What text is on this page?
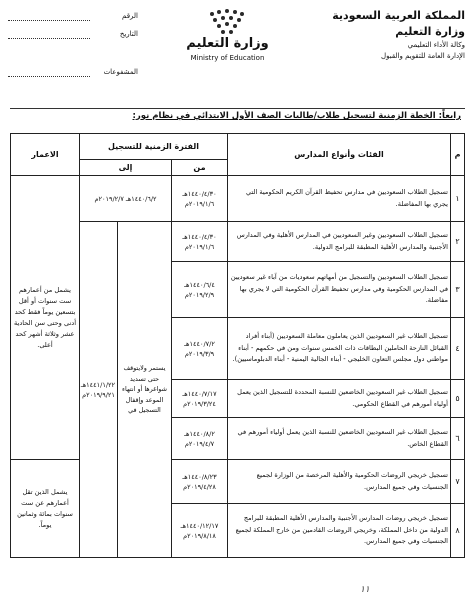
المملكة العربية السعودية
وزارة التعليم
وكالة الأداء التعليمي
الإدارة العامة للتقويم والقبول
وزارة التعليم
Ministry of Education
الرقم
التاريخ
المشفوعات
رابعاً: الخطة الزمنية لتسجيل طلاب/طالبات الصف الأول الابتدائي في نظام نور:
م	الفئات وأنواع المدارس	الفترة الزمنية للتسجيل			الاعمار
		من	إلى		
١	تسجيل الطلاب السعوديين في مدارس تحفيظ القرآن الكريم الحكومية التي يجري بها المفاضلة.	١٤٤٠/٤/٣٠هـ ٢٠١٩/١/٦م	١٤٤٠/٦/٢هـ ٢٠١٩/٢/٧م		يشمل من أعمارهم ست سنوات أو أقل بتسعين يوماً فقط كحد أدنى وحتى سن الحادية عشر وثلاثة أشهر كحد أعلى.
٢	تسجيل الطلاب السعوديين وغير السعوديين في المدارس الأهلية وفي المدارس الأجنبية والمدارس الأهلية المطبقة للبرامج الدولية.	١٤٤٠/٤/٣٠هـ ٢٠١٩/١/٦م	يستمر ولايتوقف حتى تسديد شواغرها أو انتهاء الموعد وإقفال التسجيل في	١٤٤١/١/٢٢هـ ٢٠١٩/٩/٢١م	
٣	تسجيل الطلاب السعوديين والتسجيل من أمهاتهم سعوديات من آباء غير سعوديين في المدارس الحكومية وفي مدارس تحفيظ القرآن الحكومية التي لا يجري بها مفاضلة.	١٤٤٠/٦/٤هـ ٢٠١٩/٢/٩م			
٤	تسجيل الطلاب غير السعوديين الذين يعاملون معاملة السعوديين (أبناء أفراد القبائل النازحة الحاملين البطاقات ذات الخمس سنوات ومن في حكمهم - أبناء مواطني دول مجلس التعاون الخليجي - أبناء الجالية اليمنية - أبناء الدبلوماسيين).	١٤٤٠/٧/٢هـ ٢٠١٩/٣/٩م			
٥	تسجيل الطلاب غير السعوديين الخاضعين للنسبة المحددة للتسجيل الذين يعمل أولياء أمورهم في القطاع الحكومي.	١٤٤٠/٧/١٧هـ ٢٠١٩/٣/٢٤م			
٦	تسجيل الطلاب غير السعوديين الخاضعين للنسبة الذين يعمل أولياء أمورهم في القطاع الخاص.	١٤٤٠/٨/٢هـ ٢٠١٩/٤/٧م			
٧	تسجيل خريجي الروضات الحكومية والأهلية المرخصة من الوزارة لجميع الجنسيات وفي جميع المدارس.	١٤٤٠/٨/٢٣هـ ٢٠١٩/٤/٢٨م			يشمل الذين تقل أعمارهم عن ست سنوات بمائة وثمانين يوماً.
٨	تسجيل خريجي روضات المدارس الأجنبية والمدارس الأهلية المطبقة للبرامج الدولية من داخل المملكة، وخريجي الروضات القادمين من خارج المملكة لجميع الجنسيات وفي جميع المدارس.	١٤٤٠/١٢/١٧هـ ٢٠١٩/٨/١٨م			
١١
